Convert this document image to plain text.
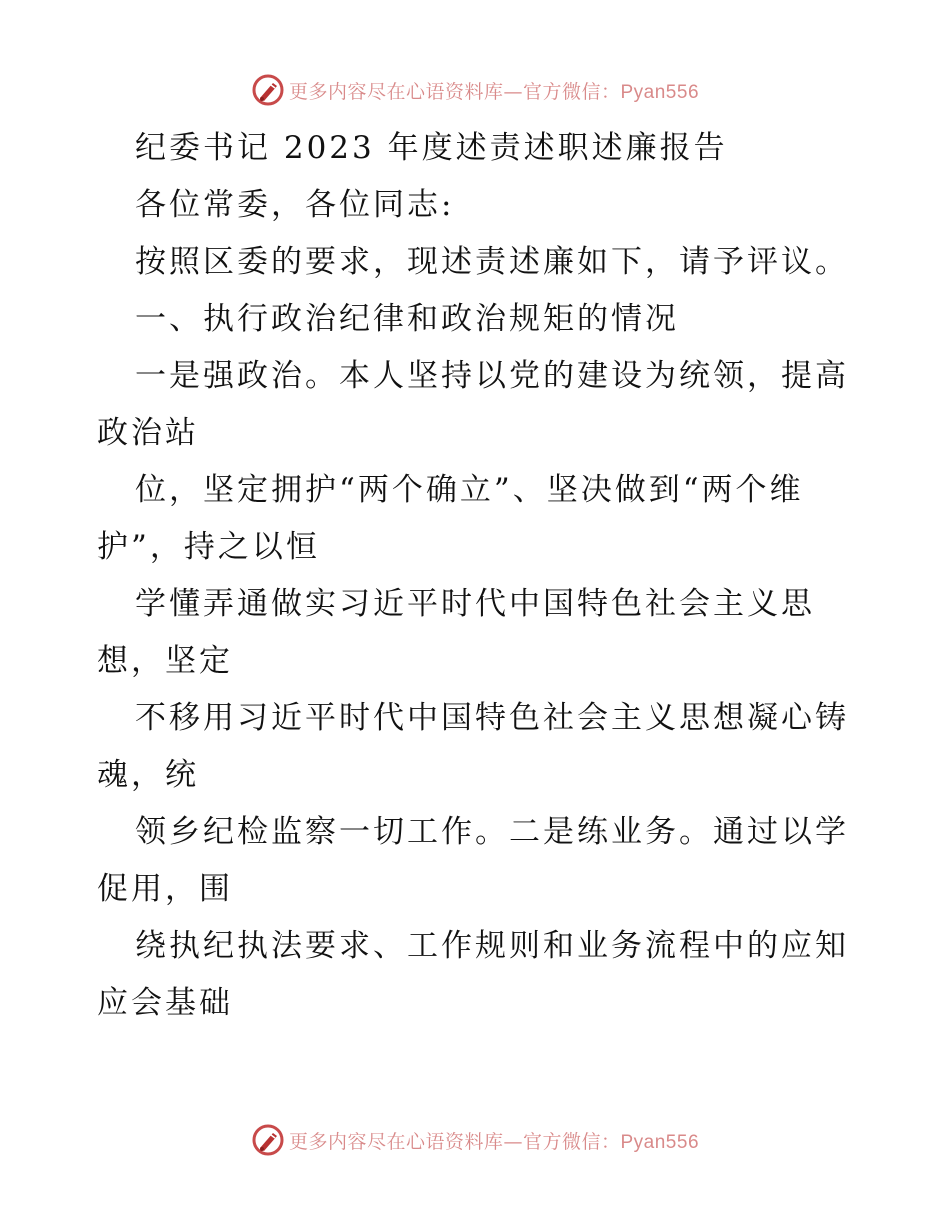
更多内容尽在心语资料库—官方微信：Pyan556

纪委书记 2023 年度述责述职述廉报告

各位常委，各位同志:

按照区委的要求，现述责述廉如下，请予评议。

一、执行政治纪律和政治规矩的情况

一是强政治。本人坚持以党的建设为统领，提高

政治站

位，坚定拥护“两个确立”、坚决做到“两个维

护”，持之以恒

学懂弄通做实习近平时代中国特色社会主义思

想，坚定

不移用习近平时代中国特色社会主义思想凝心铸

魂，统

领乡纪检监察一切工作。二是练业务。通过以学

促用，围

绕执纪执法要求、工作规则和业务流程中的应知

应会基础

更多内容尽在心语资料库—官方微信：Pyan556
